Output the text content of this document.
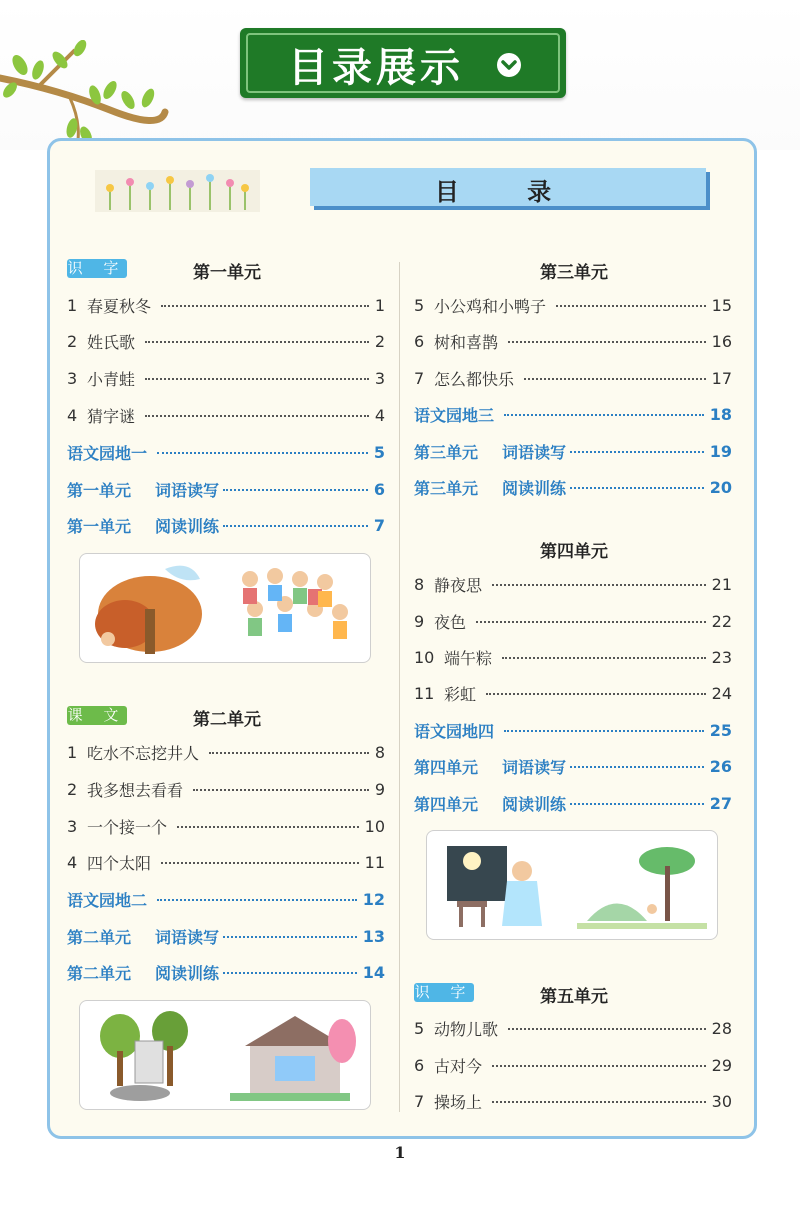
目录展示
目 录
识 字	第一单元
1 春夏秋冬	1
2 姓氏歌	2
3 小青蛙	3
4 猜字谜	4
语文园地一	5
第一单元	词语读写	6
第一单元	阅读训练	7
课 文	第二单元
1 吃水不忘挖井人	8
2 我多想去看看	9
3 一个接一个	10
4 四个太阳	11
语文园地二	12
第二单元	词语读写	13
第二单元	阅读训练	14
第三单元
5 小公鸡和小鸭子	15
6 树和喜鹊	16
7 怎么都快乐	17
语文园地三	18
第三单元	词语读写	19
第三单元	阅读训练	20
第四单元
8 静夜思	21
9 夜色	22
10 端午粽	23
11 彩虹	24
语文园地四	25
第四单元	词语读写	26
第四单元	阅读训练	27
识 字	第五单元
5 动物儿歌	28
6 古对今	29
7 操场上	30
1
